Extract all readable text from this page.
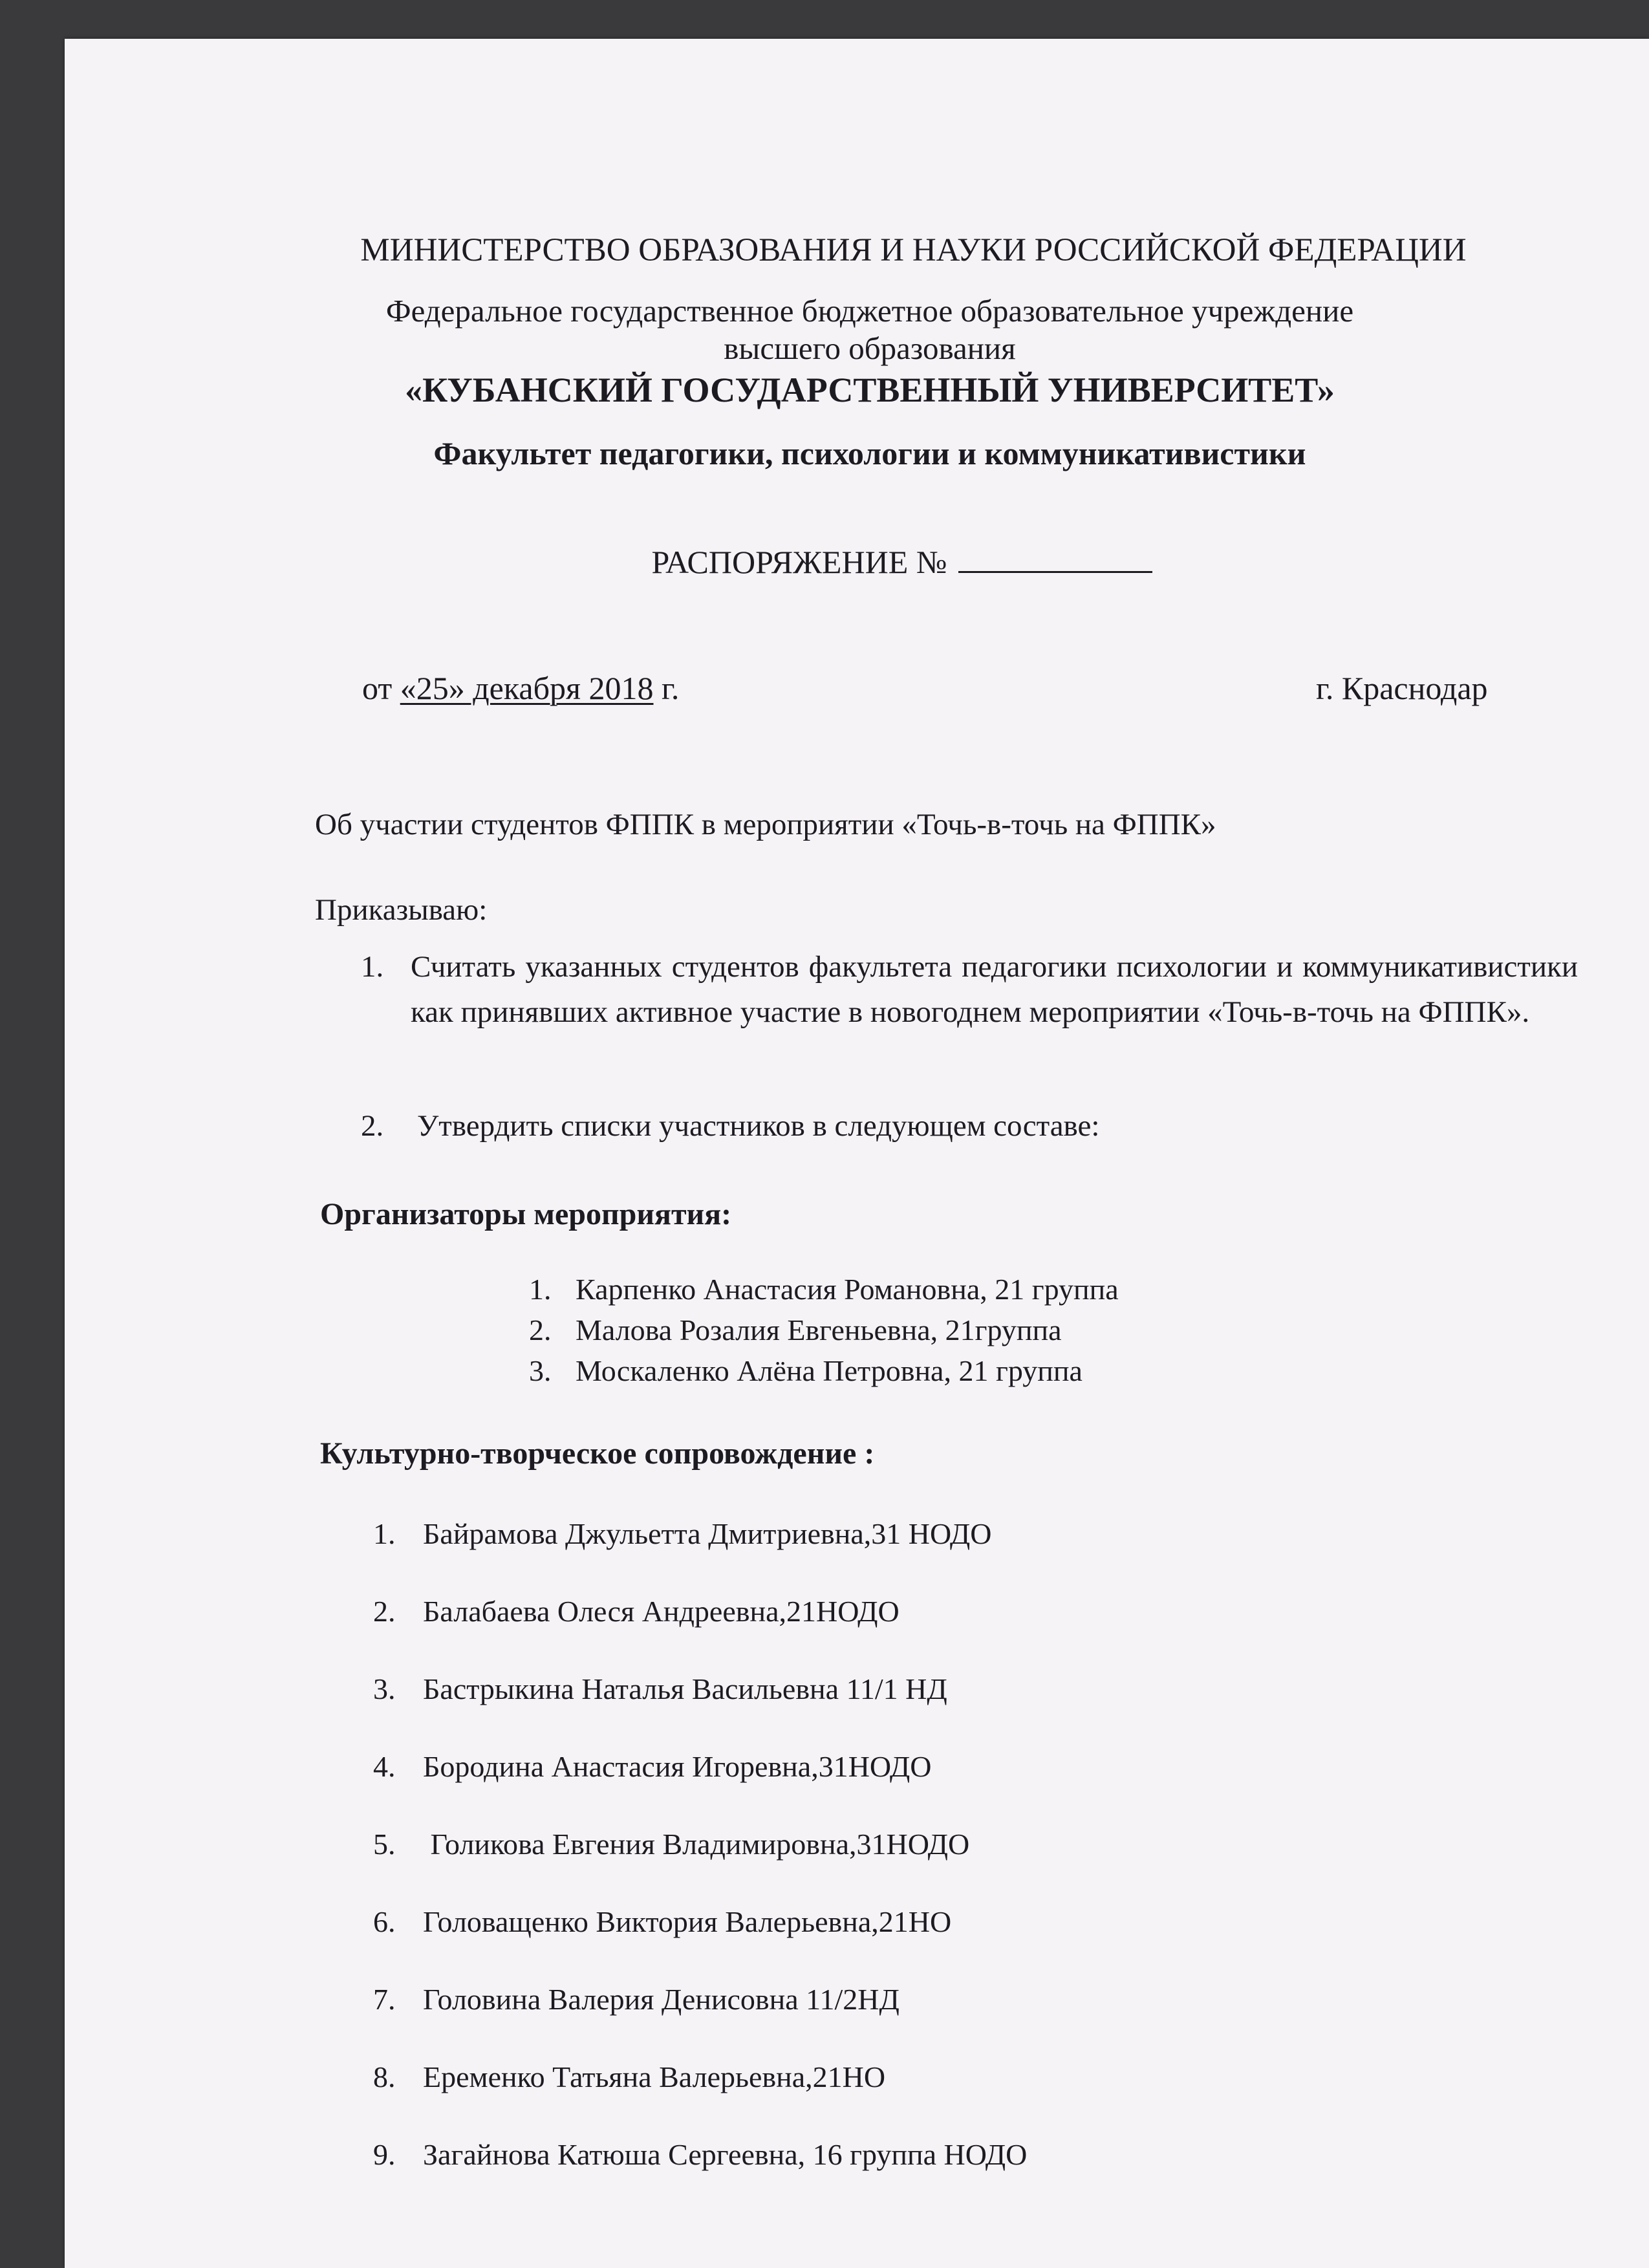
МИНИСТЕРСТВО ОБРАЗОВАНИЯ И НАУКИ РОССИЙСКОЙ ФЕДЕРАЦИИ
Федеральное государственное бюджетное образовательное учреждение
высшего образования
«КУБАНСКИЙ ГОСУДАРСТВЕННЫЙ УНИВЕРСИТЕТ»
Факультет педагогики, психологии и коммуникативистики
РАСПОРЯЖЕНИЕ №
от «25» декабря 2018 г.	г. Краснодар
Об участии студентов ФППК в мероприятии «Точь-в-точь на ФППК»
Приказываю:
1. Считать указанных студентов факультета педагогики психологии и коммуникативистики как принявших активное участие в новогоднем мероприятии «Точь-в-точь на ФППК».
2. Утвердить списки участников в следующем составе:
Организаторы мероприятия:
1. Карпенко Анастасия Романовна, 21 группа
2. Малова Розалия Евгеньевна, 21группа
3. Москаленко Алёна Петровна, 21 группа
Культурно-творческое сопровождение :
1. Байрамова Джульетта Дмитриевна,31 НОДО
2. Балабаева Олеся Андреевна,21НОДО
3. Бастрыкина Наталья Васильевна 11/1 НД
4. Бородина Анастасия Игоревна,31НОДО
5. Голикова Евгения Владимировна,31НОДО
6. Головащенко Виктория Валерьевна,21НО
7. Головина Валерия Денисовна 11/2НД
8. Еременко Татьяна Валерьевна,21НО
9. Загайнова Катюша Сергеевна, 16 группа НОДО
